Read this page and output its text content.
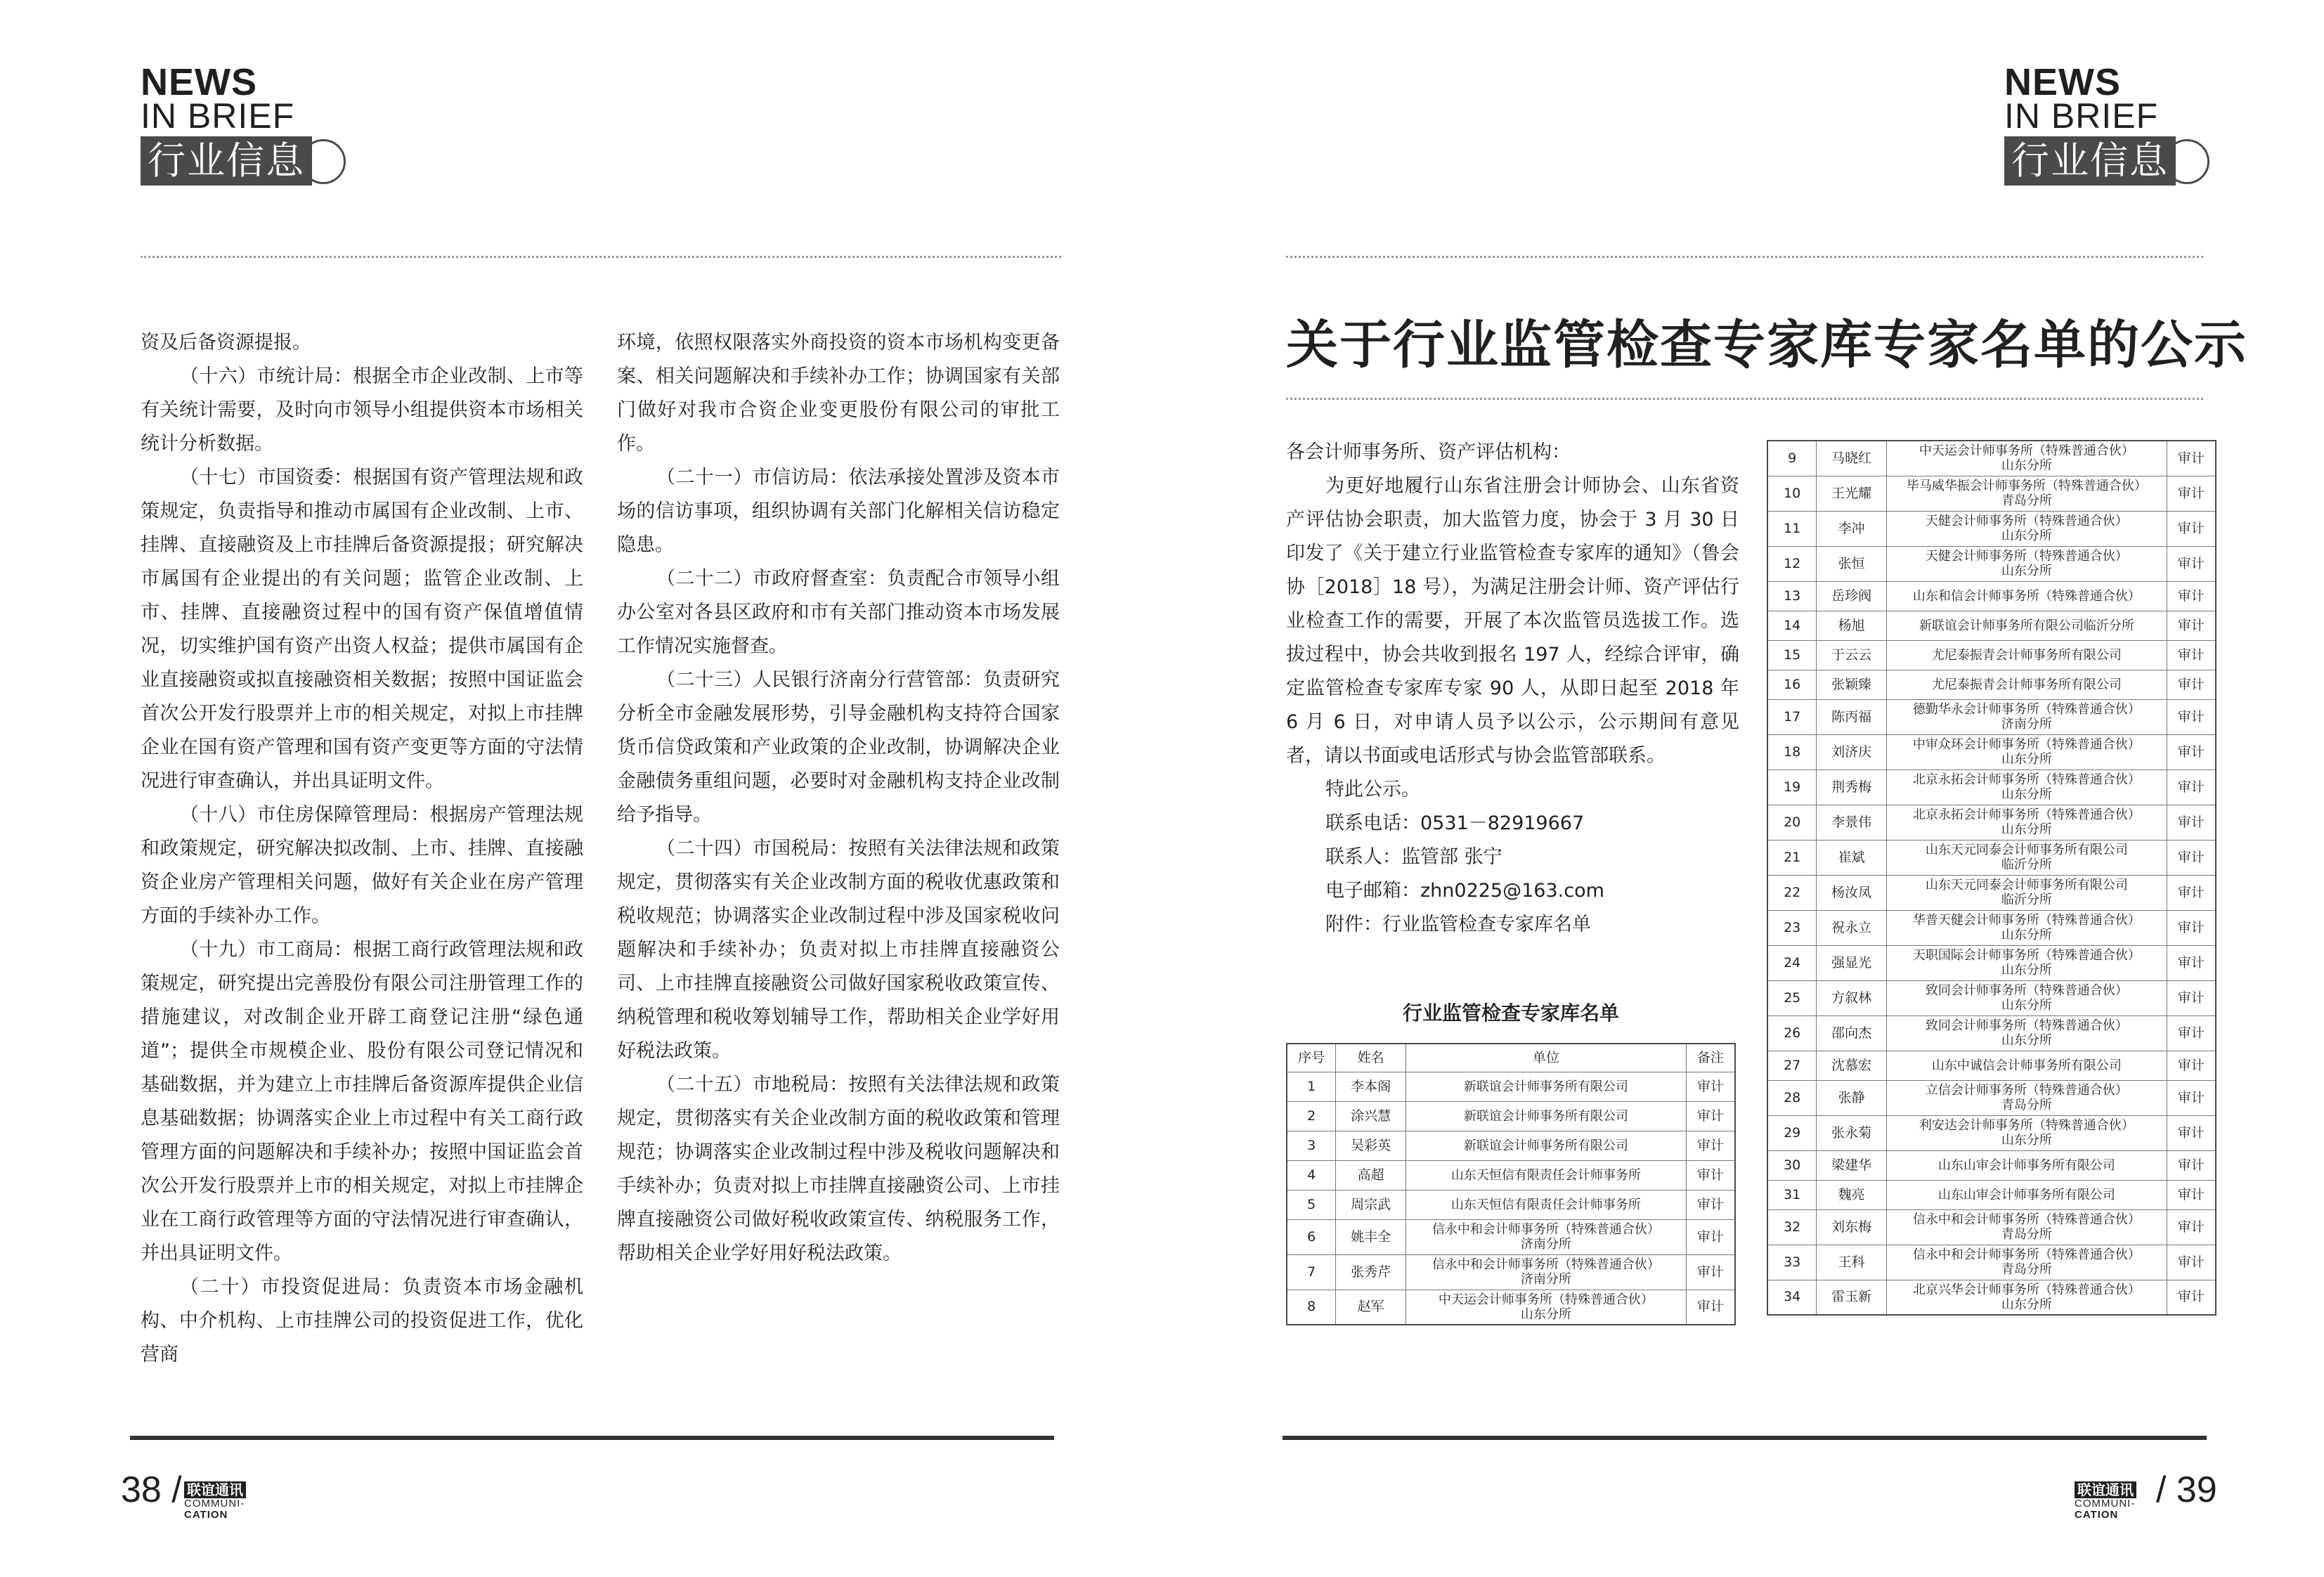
NEWS
IN BRIEF
行业信息

资及后备资源提报。

（十六）市统计局：根据全市企业改制、上市等有关统计需要，及时向市领导小组提供资本市场相关统计分析数据。

（十七）市国资委：根据国有资产管理法规和政策规定，负责指导和推动市属国有企业改制、上市、挂牌、直接融资及上市挂牌后备资源提报；研究解决市属国有企业提出的有关问题；监管企业改制、上市、挂牌、直接融资过程中的国有资产保值增值情况，切实维护国有资产出资人权益；提供市属国有企业直接融资或拟直接融资相关数据；按照中国证监会首次公开发行股票并上市的相关规定，对拟上市挂牌企业在国有资产管理和国有资产变更等方面的守法情况进行审查确认，并出具证明文件。

（十八）市住房保障管理局：根据房产管理法规和政策规定，研究解决拟改制、上市、挂牌、直接融资企业房产管理相关问题，做好有关企业在房产管理方面的手续补办工作。

（十九）市工商局：根据工商行政管理法规和政策规定，研究提出完善股份有限公司注册管理工作的措施建议，对改制企业开辟工商登记注册“绿色通道”；提供全市规模企业、股份有限公司登记情况和基础数据，并为建立上市挂牌后备资源库提供企业信息基础数据；协调落实企业上市过程中有关工商行政管理方面的问题解决和手续补办；按照中国证监会首次公开发行股票并上市的相关规定，对拟上市挂牌企业在工商行政管理等方面的守法情况进行审查确认，并出具证明文件。

（二十）市投资促进局：负责资本市场金融机构、中介机构、上市挂牌公司的投资促进工作，优化营商

环境，依照权限落实外商投资的资本市场机构变更备案、相关问题解决和手续补办工作；协调国家有关部门做好对我市合资企业变更股份有限公司的审批工作。

（二十一）市信访局：依法承接处置涉及资本市场的信访事项，组织协调有关部门化解相关信访稳定隐患。

（二十二）市政府督查室：负责配合市领导小组办公室对各县区政府和市有关部门推动资本市场发展工作情况实施督查。

（二十三）人民银行济南分行营管部：负责研究分析全市金融发展形势，引导金融机构支持符合国家货币信贷政策和产业政策的企业改制，协调解决企业金融债务重组问题，必要时对金融机构支持企业改制给予指导。

（二十四）市国税局：按照有关法律法规和政策规定，贯彻落实有关企业改制方面的税收优惠政策和税收规范；协调落实企业改制过程中涉及国家税收问题解决和手续补办；负责对拟上市挂牌直接融资公司、上市挂牌直接融资公司做好国家税收政策宣传、纳税管理和税收筹划辅导工作，帮助相关企业学好用好税法政策。

（二十五）市地税局：按照有关法律法规和政策规定，贯彻落实有关企业改制方面的税收政策和管理规范；协调落实企业改制过程中涉及税收问题解决和手续补办；负责对拟上市挂牌直接融资公司、上市挂牌直接融资公司做好税收政策宣传、纳税服务工作，帮助相关企业学好用好税法政策。

38 / 联谊通讯
COMMUNI-
CATION
NEWS
IN BRIEF
行业信息
关于行业监管检查专家库专家名单的公示

各会计师事务所、资产评估机构：

为更好地履行山东省注册会计师协会、山东省资产评估协会职责，加大监管力度，协会于 3 月 30 日印发了《关于建立行业监管检查专家库的通知》（鲁会协［2018］18 号），为满足注册会计师、资产评估行业检查工作的需要，开展了本次监管员选拔工作。选拔过程中，协会共收到报名 197 人，经综合评审，确定监管检查专家库专家 90 人，从即日起至 2018 年 6 月 6 日，对申请人员予以公示，公示期间有意见者，请以书面或电话形式与协会监管部联系。

特此公示。

联系电话：0531－82919667

联系人：监管部 张宁

电子邮箱：zhn0225@163.com

附件：行业监管检查专家库名单

行业监管检查专家库名单
序号	姓名	单位	备注
1	李本阁	新联谊会计师事务所有限公司	审计
2	涂兴慧	新联谊会计师事务所有限公司	审计
3	吴彩英	新联谊会计师事务所有限公司	审计
4	高超	山东天恒信有限责任会计师事务所	审计
5	周宗武	山东天恒信有限责任会计师事务所	审计
6	姚丰全	信永中和会计师事务所（特殊普通合伙）
济南分所	审计
7	张秀芹	信永中和会计师事务所（特殊普通合伙）
济南分所	审计
8	赵军	中天运会计师事务所（特殊普通合伙）
山东分所	审计
9	马晓红	中天运会计师事务所（特殊普通合伙）
山东分所	审计
10	王光耀	毕马威华振会计师事务所（特殊普通合伙）
青岛分所	审计
11	李冲	天健会计师事务所（特殊普通合伙）
山东分所	审计
12	张恒	天健会计师事务所（特殊普通合伙）
山东分所	审计
13	岳珍阀	山东和信会计师事务所（特殊普通合伙）	审计
14	杨旭	新联谊会计师事务所有限公司临沂分所	审计
15	于云云	尤尼泰振青会计师事务所有限公司	审计
16	张颖臻	尤尼泰振青会计师事务所有限公司	审计
17	陈丙福	德勤华永会计师事务所（特殊普通合伙）
济南分所	审计
18	刘济庆	中审众环会计师事务所（特殊普通合伙）
山东分所	审计
19	荆秀梅	北京永拓会计师事务所（特殊普通合伙）
山东分所	审计
20	李景伟	北京永拓会计师事务所（特殊普通合伙）
山东分所	审计
21	崔斌	山东天元同泰会计师事务所有限公司
临沂分所	审计
22	杨汝凤	山东天元同泰会计师事务所有限公司
临沂分所	审计
23	祝永立	华普天健会计师事务所（特殊普通合伙）
山东分所	审计
24	强显光	天职国际会计师事务所（特殊普通合伙）
山东分所	审计
25	方叙林	致同会计师事务所（特殊普通合伙）
山东分所	审计
26	邵向杰	致同会计师事务所（特殊普通合伙）
山东分所	审计
27	沈慕宏	山东中诚信会计师事务所有限公司	审计
28	张静	立信会计师事务所（特殊普通合伙）
青岛分所	审计
29	张永菊	利安达会计师事务所（特殊普通合伙）
山东分所	审计
30	梁建华	山东山审会计师事务所有限公司	审计
31	魏亮	山东山审会计师事务所有限公司	审计
32	刘东梅	信永中和会计师事务所（特殊普通合伙）
青岛分所	审计
33	王科	信永中和会计师事务所（特殊普通合伙）
青岛分所	审计
34	雷玉新	北京兴华会计师事务所（特殊普通合伙）
山东分所	审计
联谊通讯
COMMUNI-
CATION
/ 39
